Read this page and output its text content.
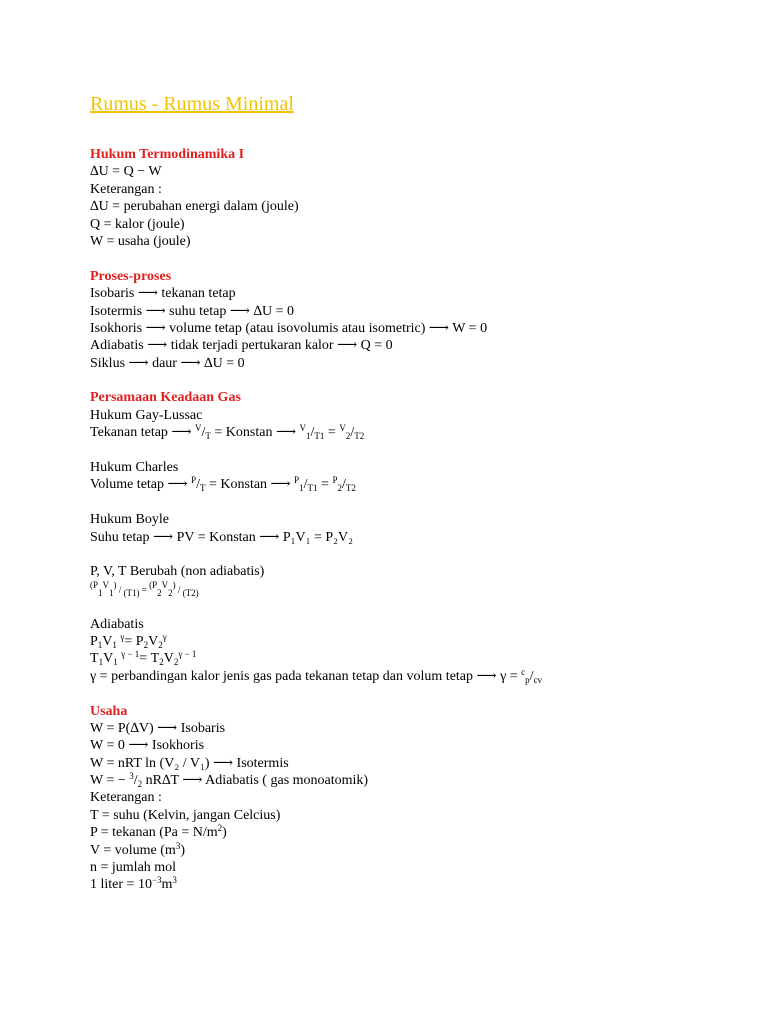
Rumus - Rumus Minimal
Hukum Termodinamika I
∆U = Q − W
Keterangan :
∆U = perubahan energi dalam (joule)
Q = kalor (joule)
W = usaha (joule)
Proses-proses
Isobaris ⟶ tekanan tetap
Isotermis ⟶ suhu tetap ⟶ ∆U = 0
Isokhoris ⟶ volume tetap (atau isovolumis atau isometric) ⟶ W = 0
Adiabatis ⟶ tidak terjadi pertukaran kalor ⟶ Q = 0
Siklus ⟶ daur ⟶ ∆U = 0
Persamaan Keadaan Gas
Hukum Gay-Lussac
Tekanan tetap ⟶ $^V/_T$ = Konstan ⟶ $^V_1/_{T1} = ^V_2/_{T2}$
Hukum Charles
Volume tetap ⟶ $^P/_T$ = Konstan ⟶ $^P_1/_{T1} = ^P_2/_{T2}$
Hukum Boyle
Suhu tetap ⟶ PV = Konstan ⟶ P₁V₁ = P₂V₂
P, V, T Berubah (non adiabatis)
$^{(P}_1^V_1$) / $_{(T1)}$ = $^{(P}_2^V_2$) / $_{(T2)}$
Adiabatis
$P_1V_1$ $^\gamma= P_2V_2^\gamma$
$T_1V_1$ $^{\gamma - 1}= T_2V_2^{\gamma - 1}$
γ = perbandingan kalor jenis gas pada tekanan tetap dan volum tetap ⟶ $\gamma = ^c_p/_{cv}$
Usaha
W = P(∆V) ⟶ Isobaris
W = 0 ⟶ Isokhoris
W = nRT ln (V₂ / V₁) ⟶ Isotermis
W = − $^3/_2$ nR∆T ⟶ Adiabatis ( gas monoatomik)
Keterangan :
T = suhu (Kelvin, jangan Celcius)
P = tekanan $(Pa = N/m^2)$
V = volume $(m^3)$
n = jumlah mol
1 liter = $10^{-3}m^3$
